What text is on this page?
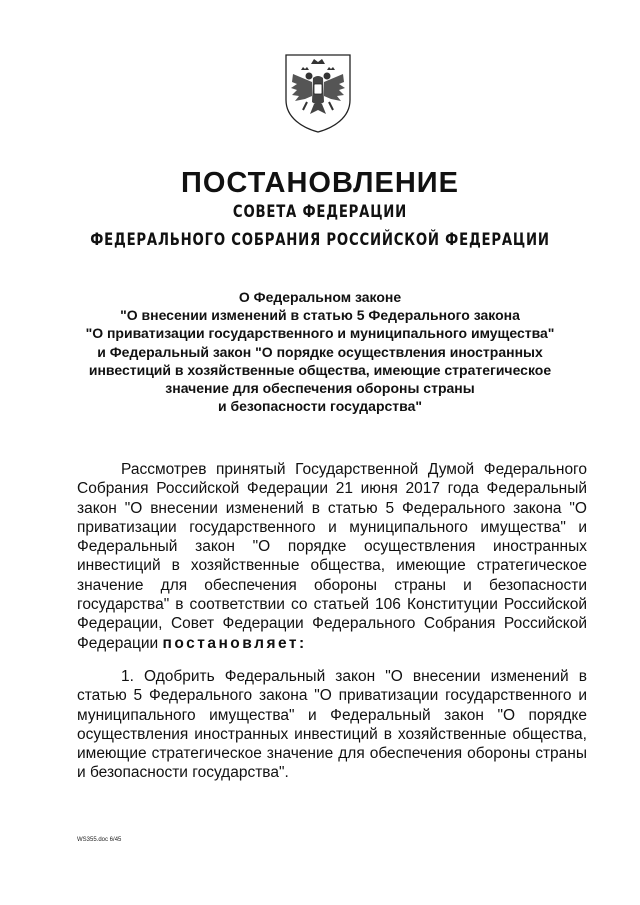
ПОСТАНОВЛЕНИЕ
СОВЕТА ФЕДЕРАЦИИ
ФЕДЕРАЛЬНОГО СОБРАНИЯ РОССИЙСКОЙ ФЕДЕРАЦИИ
О Федеральном законе
"О внесении изменений в статью 5 Федерального закона
"О приватизации государственного и муниципального имущества"
и Федеральный закон "О порядке осуществления иностранных
инвестиций в хозяйственные общества, имеющие стратегическое
значение для обеспечения обороны страны
и безопасности государства"

Рассмотрев принятый Государственной Думой Федерального Собрания Российской Федерации 21 июня 2017 года Федеральный закон "О внесении изменений в статью 5 Федерального закона "О приватизации государственного и муниципального имущества" и Федеральный закон "О порядке осуществления иностранных инвестиций в хозяйственные общества, имеющие стратегическое значение для обеспечения обороны страны и безопасности государства" в соответствии со статьей 106 Конституции Российской Федерации, Совет Федерации Федерального Собрания Российской Федерации постановляет:

1. Одобрить Федеральный закон "О внесении изменений в статью 5 Федерального закона "О приватизации государственного и муниципального имущества" и Федеральный закон "О порядке осуществления иностранных инвестиций в хозяйственные общества, имеющие стратегическое значение для обеспечения обороны страны и безопасности государства".

WS355.doc 6/45
